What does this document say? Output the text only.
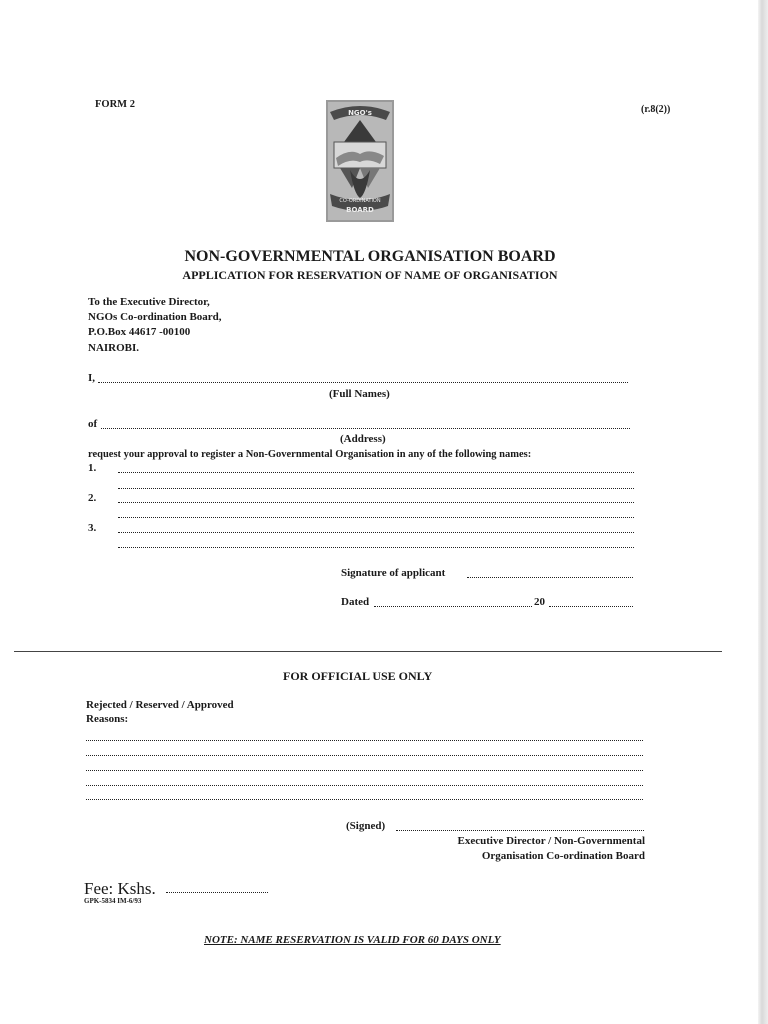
FORM 2	(r.8(2))
NGO's
CO-ORDINATION
BOARD
NON-GOVERNMENTAL ORGANISATION BOARD
APPLICATION FOR RESERVATION OF NAME OF ORGANISATION
To the Executive Director,
NGOs Co-ordination Board,
P.O.Box 44617 -00100
NAIROBI.
I,
(Full Names)
of
(Address)
request your approval to register a Non-Governmental Organisation in any of the following names:
1.
2.
3.
Signature of applicant
Dated	20
FOR OFFICIAL USE ONLY
Rejected / Reserved / Approved
Reasons:
(Signed)
Executive Director / Non-Governmental
Organisation Co-ordination Board
Fee: Kshs.
GPK-5834 IM-6/93
NOTE: NAME RESERVATION IS VALID FOR 60 DAYS ONLY
